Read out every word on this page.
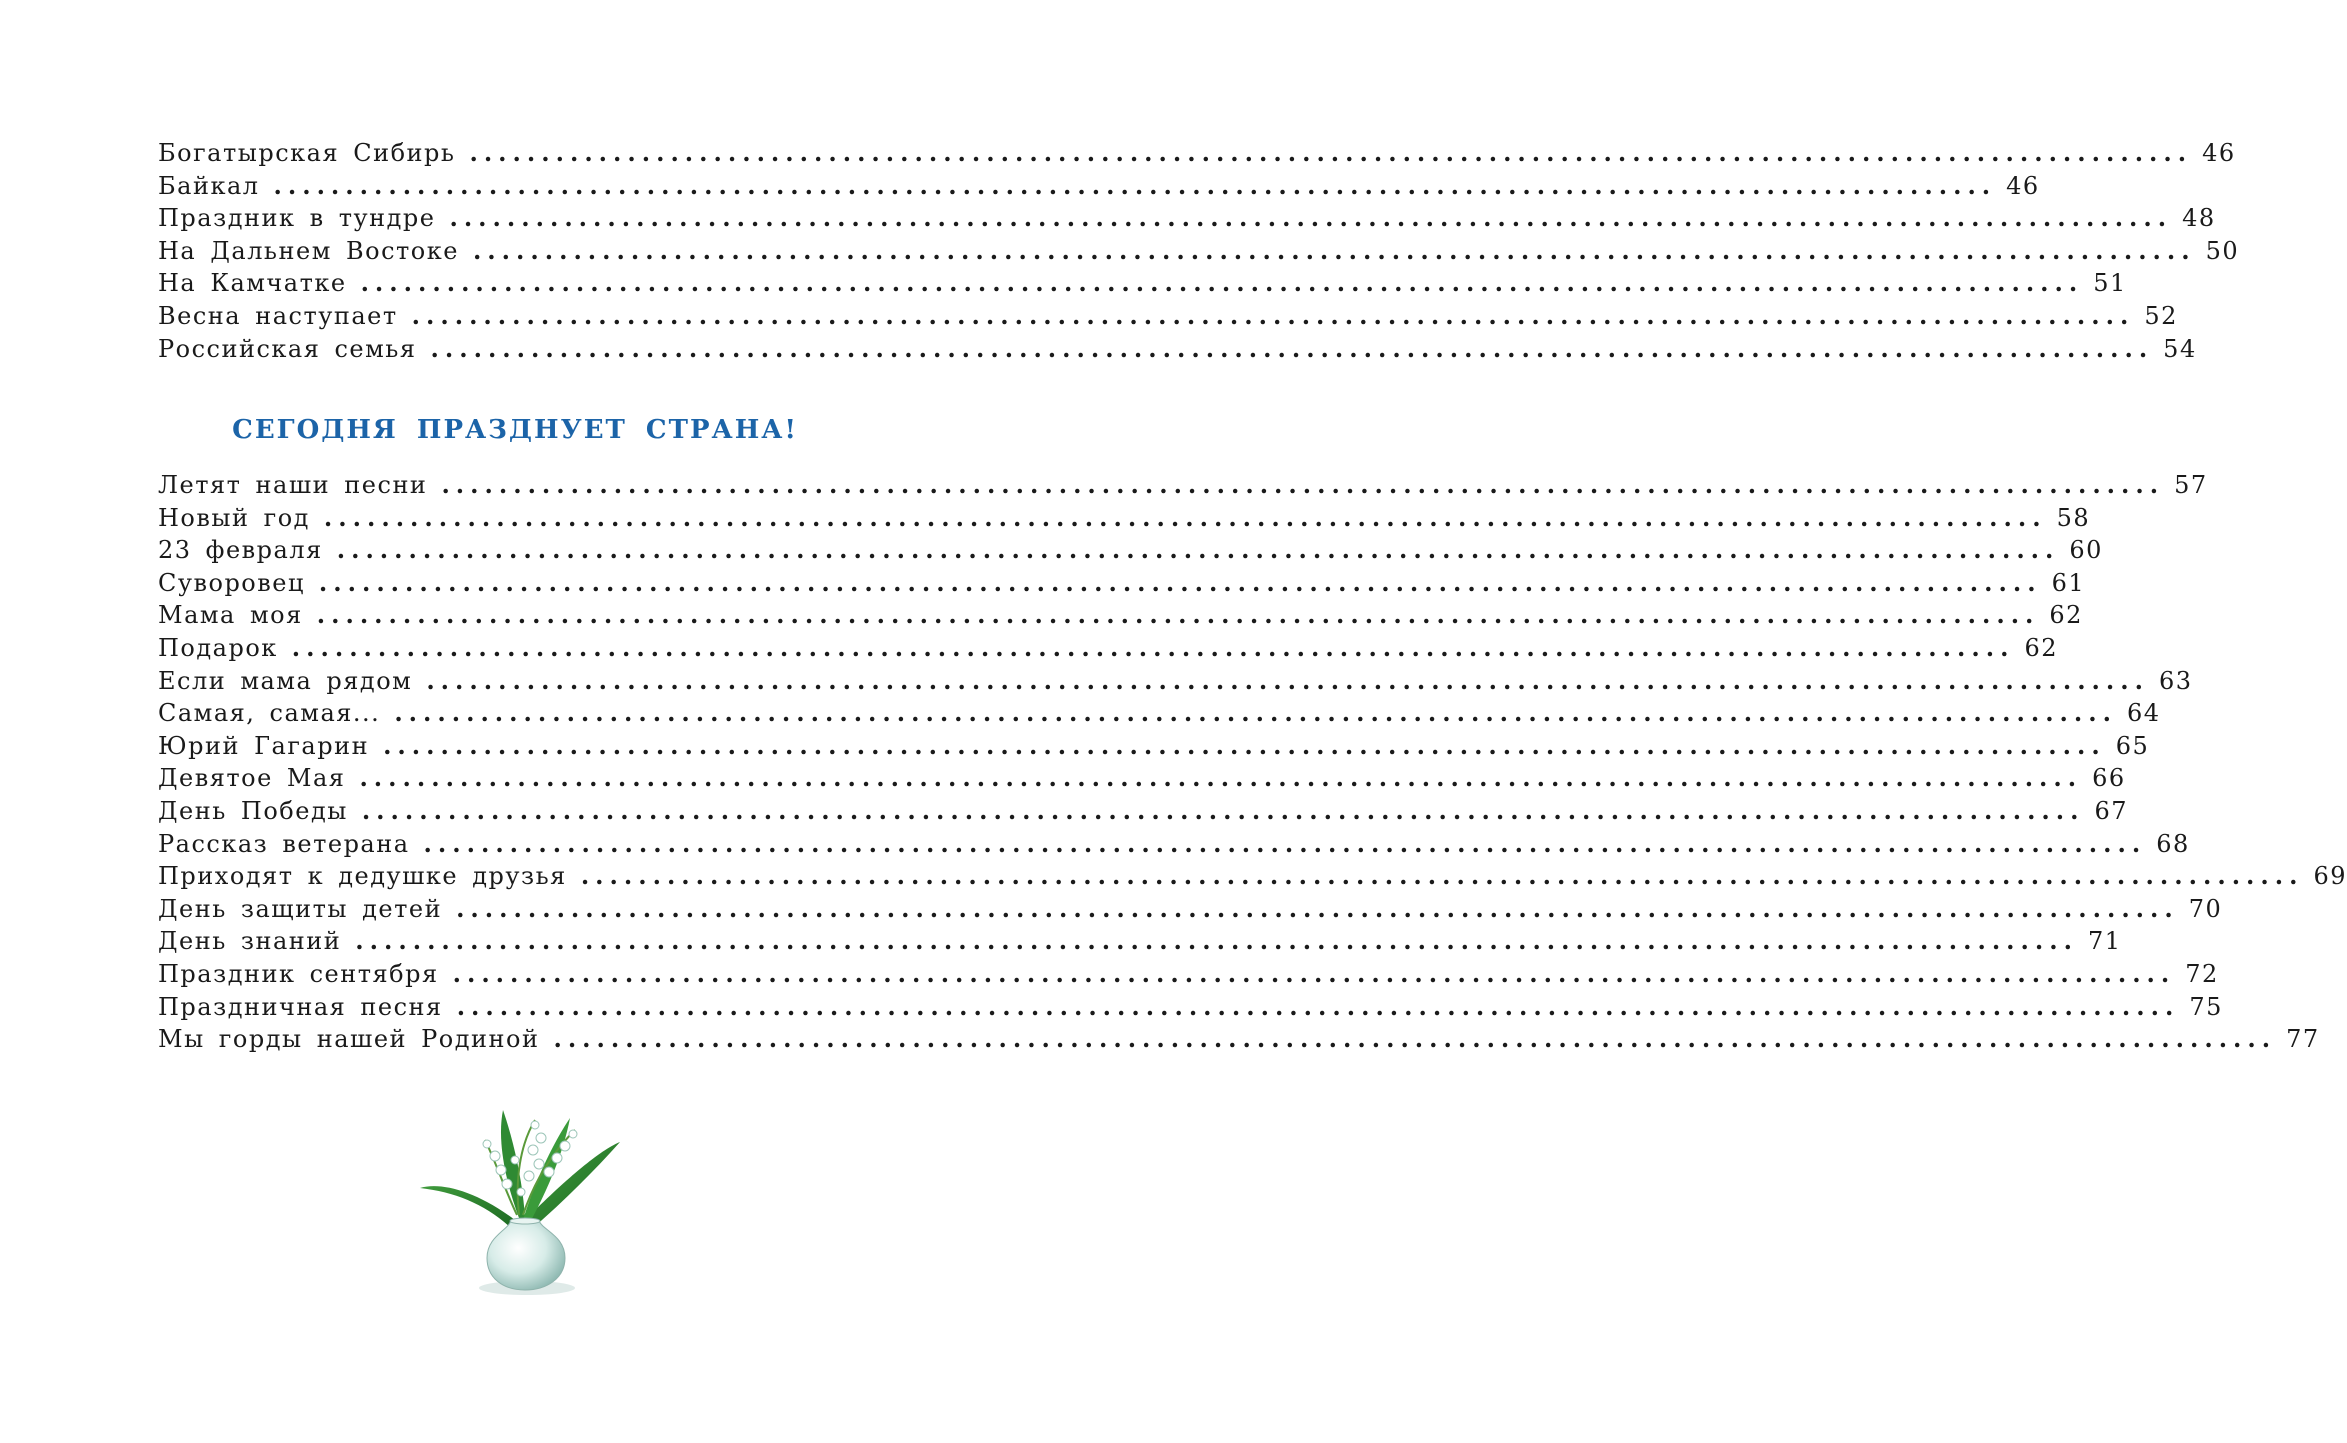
Богатырская Сибирь ........................................................................................................................ 46
Байкал ........................................................................................................................ 46
Праздник в тундре ........................................................................................................................ 48
На Дальнем Востоке ........................................................................................................................ 50
На Камчатке ........................................................................................................................ 51
Весна наступает ........................................................................................................................ 52
Российская семья ........................................................................................................................ 54
СЕГОДНЯ ПРАЗДНУЕТ СТРАНА!
Летят наши песни ........................................................................................................................ 57
Новый год ........................................................................................................................ 58
23 февраля ........................................................................................................................ 60
Суворовец ........................................................................................................................ 61
Мама моя ........................................................................................................................ 62
Подарок ........................................................................................................................ 62
Если мама рядом ........................................................................................................................ 63
Самая, самая... ........................................................................................................................ 64
Юрий Гагарин ........................................................................................................................ 65
Девятое Мая ........................................................................................................................ 66
День Победы ........................................................................................................................ 67
Рассказ ветерана ........................................................................................................................ 68
Приходят к дедушке друзья ........................................................................................................................ 69
День защиты детей ........................................................................................................................ 70
День знаний ........................................................................................................................ 71
Праздник сентября ........................................................................................................................ 72
Праздничная песня ........................................................................................................................ 75
Мы горды нашей Родиной ........................................................................................................................ 77
